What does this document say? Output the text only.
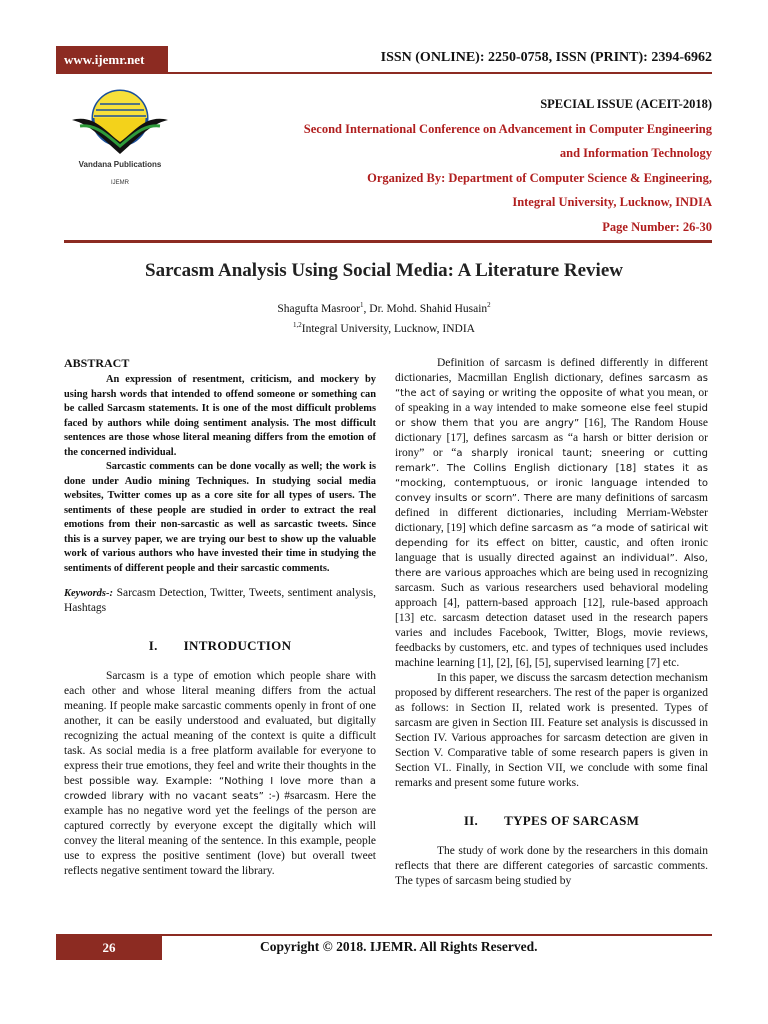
www.ijemr.net	ISSN (ONLINE): 2250-0758, ISSN (PRINT): 2394-6962
Vandana Publications
IJEMR
SPECIAL ISSUE (ACEIT-2018)
Second International Conference on Advancement in Computer Engineering
and Information Technology
Organized By: Department of Computer Science & Engineering,
Integral University, Lucknow, INDIA
Page Number: 26-30
Sarcasm Analysis Using Social Media: A Literature Review
Shagufta Masroor$^1$, Dr. Mohd. Shahid Husain$^2$
$^{1,2}$Integral University, Lucknow, INDIA
ABSTRACT

An expression of resentment, criticism, and mockery by using harsh words that intended to offend someone or something can be called Sarcasm statements. It is one of the most difficult problems faced by authors while doing sentiment analysis. The most difficult sentences are those whose literal meaning differs from the emotion of the concerned individual.

Sarcastic comments can be done vocally as well; the work is done under Audio mining Techniques. In studying social media websites, Twitter comes up as a core site for all types of users. The sentiments of these people are studied in order to extract the real emotions from their non-sarcastic as well as sarcastic tweets. Since this is a survey paper, we are trying our best to show up the valuable work of various authors who have invested their time in studying the sentiments of different people and their sarcastic comments.

Keywords-: Sarcasm Detection, Twitter, Tweets, sentiment analysis, Hashtags

I. INTRODUCTION

Sarcasm is a type of emotion which people share with each other and whose literal meaning differs from the actual meaning. If people make sarcastic comments openly in front of one another, it can be easily understood and evaluated, but digitally recognizing the actual meaning of the context is quite a difficult task. As social media is a free platform available for everyone to express their true emotions, they feel and write their thoughts in the best possible way. Example: “Nothing I love more than a crowded library with no vacant seats” :-) #sarcasm. Here the example has no negative word yet the feelings of the person are captured correctly by everyone except the digitally which will convey the literal meaning of the sentence. In this example, people use to express the positive sentiment (love) but overall tweet reflects negative sentiment toward the library.

Definition of sarcasm is defined differently in different dictionaries, Macmillan English dictionary, defines sarcasm as “the act of saying or writing the opposite of what you mean, or of speaking in a way intended to make someone else feel stupid or show them that you are angry” [16], The Random House dictionary [17], defines sarcasm as “a harsh or bitter derision or irony” or “a sharply ironical taunt; sneering or cutting remark”. The Collins English dictionary [18] states it as “mocking, contemptuous, or ironic language intended to convey insults or scorn”. There are many definitions of sarcasm defined in different dictionaries, including Merriam-Webster dictionary, [19] which define sarcasm as “a mode of satirical wit depending for its effect on bitter, caustic, and often ironic language that is usually directed against an individual”. Also, there are various approaches which are being used in recognizing sarcasm. Such as various researchers used behavioral modeling approach [4], pattern-based approach [12], rule-based approach [13] etc. sarcasm detection dataset used in the research papers varies and includes Facebook, Twitter, Blogs, movie reviews, feedbacks by customers, etc. and types of techniques used includes machine learning [1], [2], [6], [5], supervised learning [7] etc.

In this paper, we discuss the sarcasm detection mechanism proposed by different researchers. The rest of the paper is organized as follows: in Section II, related work is presented. Types of sarcasm are given in Section III. Feature set analysis is discussed in Section IV. Various approaches for sarcasm detection are given in Section V. Comparative table of some research papers is given in Section VI.. Finally, in Section VII, we conclude with some final remarks and present some future works.

II. TYPES OF SARCASM

The study of work done by the researchers in this domain reflects that there are different categories of sarcastic comments. The types of sarcasm being studied by

26	Copyright © 2018. IJEMR. All Rights Reserved.
